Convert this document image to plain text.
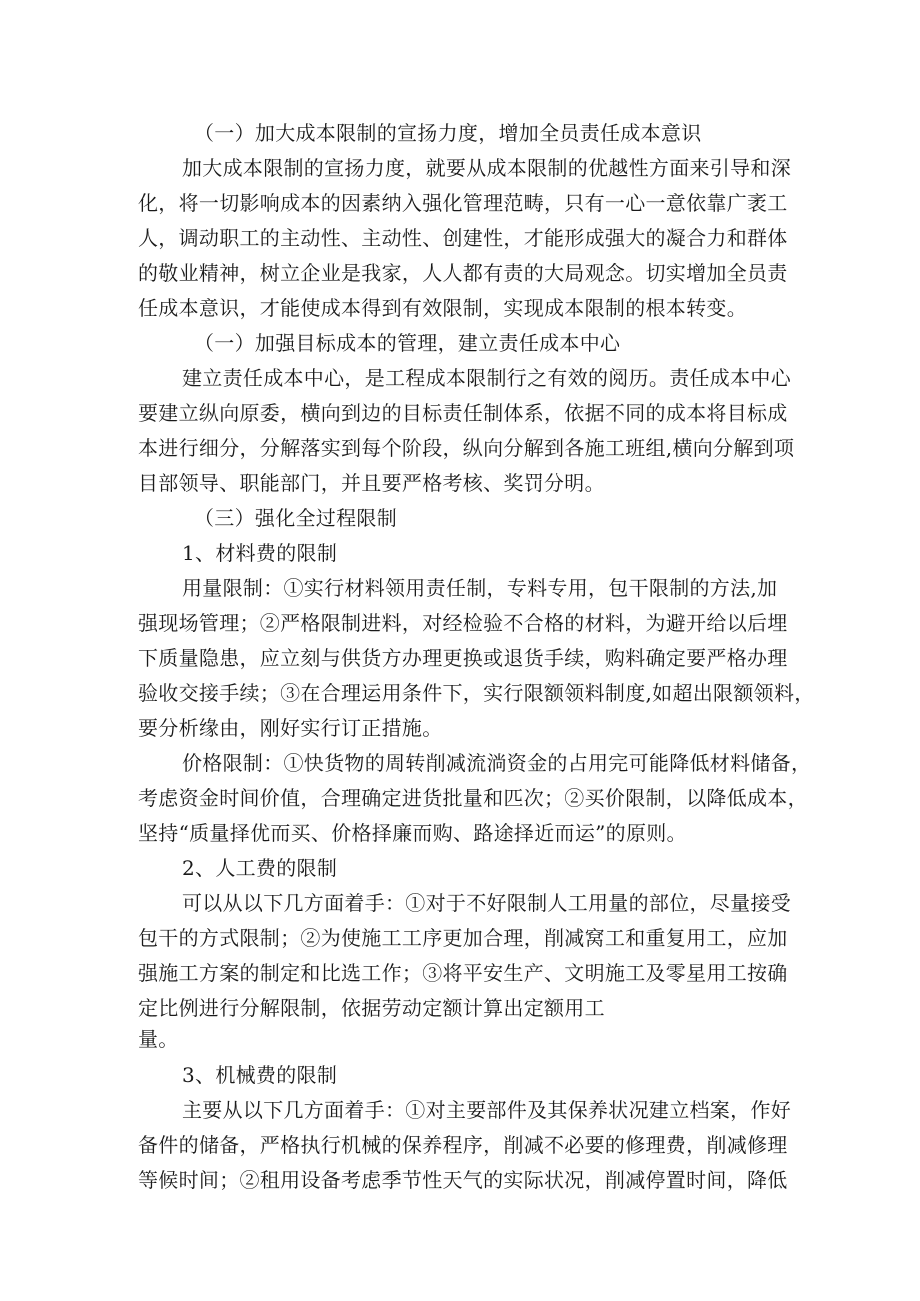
（一）加大成本限制的宣扬力度，增加全员责任成本意识
加大成本限制的宣扬力度，就要从成本限制的优越性方面来引导和深
化，将一切影响成本的因素纳入强化管理范畴，只有一心一意依靠广袤工
人，调动职工的主动性、主动性、创建性，才能形成强大的凝合力和群体
的敬业精神，树立企业是我家，人人都有责的大局观念。切实增加全员责
任成本意识，才能使成本得到有效限制，实现成本限制的根本转变。
（一）加强目标成本的管理，建立责任成本中心
建立责任成本中心，是工程成本限制行之有效的阅历。责任成本中心
要建立纵向原委，横向到边的目标责任制体系，依据不同的成本将目标成
本进行细分，分解落实到每个阶段，纵向分解到各施工班组,横向分解到项
目部领导、职能部门，并且要严格考核、奖罚分明。
（三）强化全过程限制
1、材料费的限制
用量限制：①实行材料领用责任制，专料专用，包干限制的方法,加
强现场管理；②严格限制进料，对经检验不合格的材料，为避开给以后埋
下质量隐患，应立刻与供货方办理更换或退货手续，购料确定要严格办理
验收交接手续；③在合理运用条件下，实行限额领料制度,如超出限额领料，
要分析缘由，刚好实行订正措施。
价格限制：①快货物的周转削减流淌资金的占用完可能降低材料储备，
考虑资金时间价值，合理确定进货批量和匹次；②买价限制，以降低成本，
坚持“质量择优而买、价格择廉而购、路途择近而运”的原则。
2、人工费的限制
可以从以下几方面着手：①对于不好限制人工用量的部位，尽量接受
包干的方式限制；②为使施工工序更加合理，削减窝工和重复用工，应加
强施工方案的制定和比选工作；③将平安生产、文明施工及零星用工按确
定比例进行分解限制，依据劳动定额计算出定额用工
量。
3、机械费的限制
主要从以下几方面着手：①对主要部件及其保养状况建立档案，作好
备件的储备，严格执行机械的保养程序，削减不必要的修理费，削减修理
等候时间；②租用设备考虑季节性天气的实际状况，削减停置时间，降低
